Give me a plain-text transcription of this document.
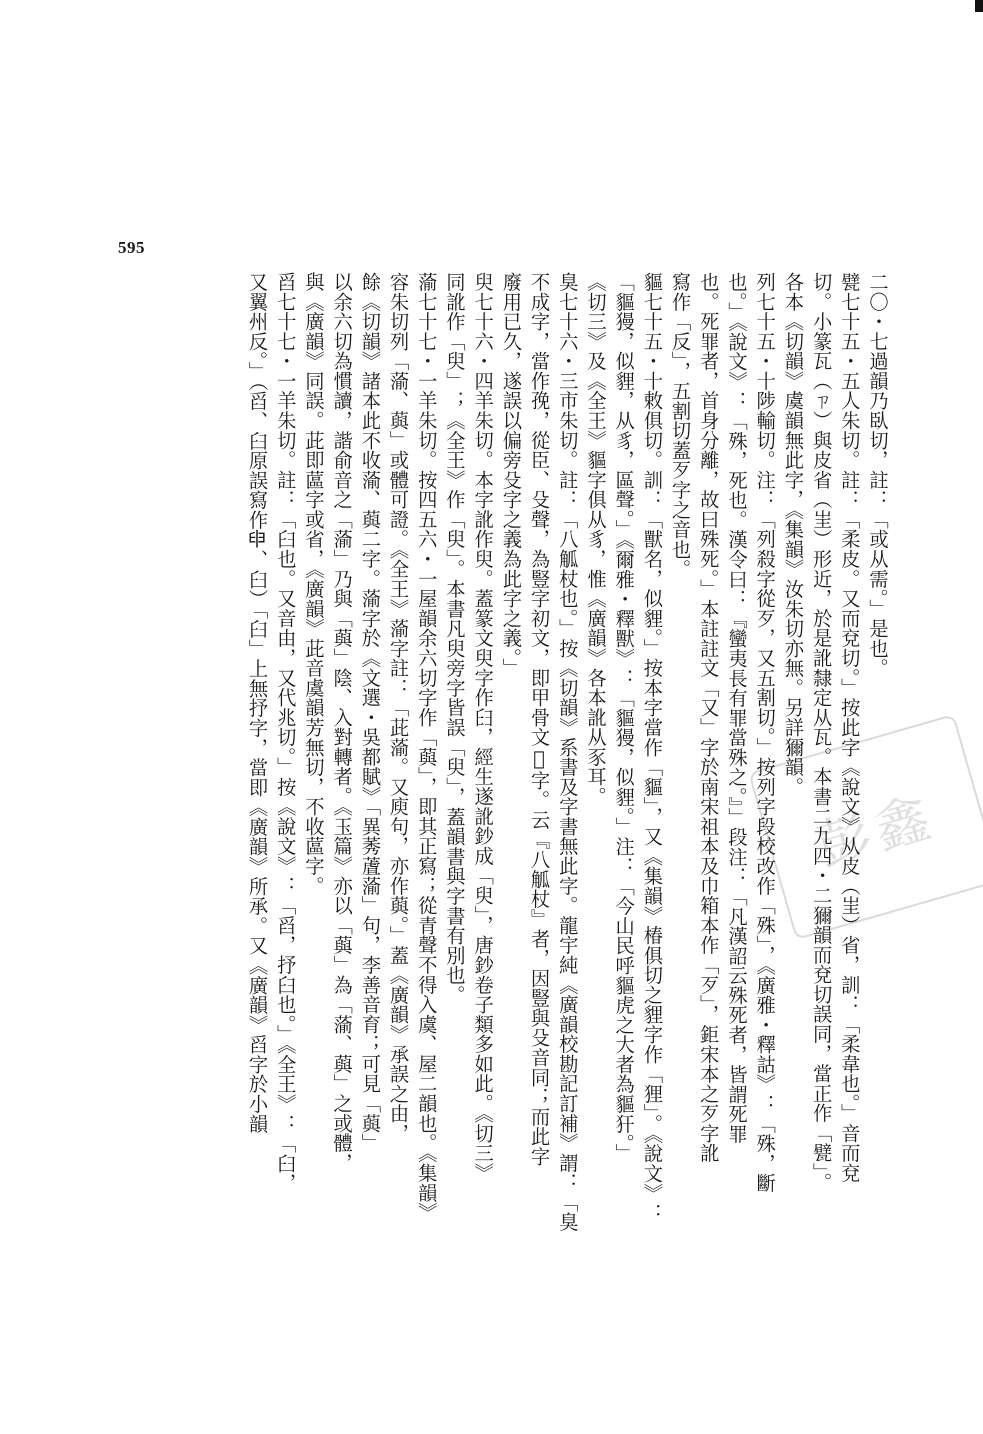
595
彭鑫
二〇・七過韻乃臥切，註：「或从需。」是也。
甓七十五・五人朱切。註：「柔皮。又而兗切。」按此字《說文》从皮（㞷）省，訓：「柔韋也。」音而兗
切。小篆瓦（ㄗ）與皮省（㞷）形近，於是訛隸定从瓦。本書二九四・二獮韻而兗切誤同，當正作「甓」。
各本《切韻》虞韻無此字，《集韻》汝朱切亦無。另詳獮韻。
列七十五・十陟輸切。注：「列殺字從歹，又五割切。」按列字段校改作「殊」，《廣雅・釋詁》：「殊，斷
也。」《說文》：「殊，死也。漢令曰：『蠻夷長有罪當殊之。』」段注：「凡漢詔云殊死者，皆謂死罪
也。死罪者，首身分離，故曰殊死。」本註註文「又」字於南宋祖本及巾箱本作「歹」，鉅宋本之歹字訛
寫作「反」，五割切蓋歹字之音也。
貙七十五・十敕俱切。訓：「獸名，似貍。」按本字當作「貙」，又《集韻》椿俱切之貍字作「狸」。《說文》：
「貙獌，似貍，从豸，區聲。」《爾雅・釋獸》：「貙獌，似貍。」注：「今山民呼貙虎之大者為貙犴。」
《切三》及《全王》貙字俱从豸，惟《廣韻》各本訛从豕耳。
臭七十六・三市朱切。註：「八觚杖也。」按《切韻》系書及字書無此字。龍宇純《廣韻校勘記訂補》謂：「臭
不成字，當作㝃，從臣、殳聲，為豎字初文，即甲骨文𢼸字。云『八觚杖』者，因豎與殳音同；而此字
廢用已久，遂誤以偏旁殳字之義為此字之義。」
臾七十六・四羊朱切。本字訛作臾。蓋篆文臾字作𦥑，經生遂訛鈔成「臾」，唐鈔卷子類多如此。《切三》
同訛作「臾」；《全王》作「臾」。本書凡臾旁字皆誤「臾」，蓋韻書與字書有別也。
蕍七十七・一羊朱切。按四五六・一屋韻余六切字作「藇」，即其正寫；從青聲不得入虞、屋二韻也。《集韻》
容朱切列「蕍、藇」或體可證。《全王》蕍字註：「茈蕍。又庾句，亦作藇。」蓋《廣韻》承誤之由，
餘《切韻》諸本此不收蕍、藇二字。蕍字於《文選・吳都賦》「異莠蔖蕍」句，李善音育；可見「藇」
以余六切為慣讀，諧俞音之「蕍」乃與「藇」陰、入對轉者。《玉篇》亦以「藇」為「蕍、藇」之或體，
與《廣韻》同誤。茈即蓲字或省，《廣韻》茈音虞韻芳無切，不收蓲字。
舀七十七・一羊朱切。註：「臼也。又音由，又代兆切。」按《說文》：「舀，抒臼也。」《全王》：「臼，
又翼州反。」（舀、臼原誤寫作𦥔、臼）「臼」上無抒字，當即《廣韻》所承。又《廣韻》舀字於小韻
